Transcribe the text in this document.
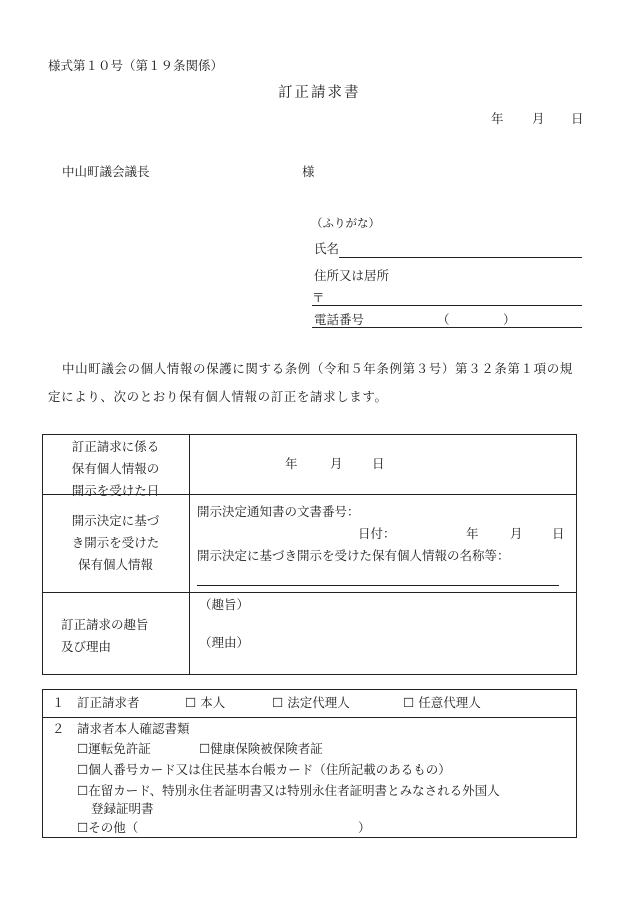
様式第１０号（第１９条関係）
訂正請求書
年 月 日
中山町議会議長	様
（ふりがな）
氏名
住所又は居所
〒
電話番号	（	）
中山町議会の個人情報の保護に関する条例（令和５年条例第３号）第３２条第１項の規
定により、次のとおり保有個人情報の訂正を請求します。
訂正請求に係る
保有個人情報の
開示を受けた日
年	月 日
開示決定に基づ
き開示を受けた
保有個人情報
開示決定通知書の文書番号：
日付：	年	月 日
開示決定に基づき開示を受けた保有個人情報の名称等：
訂正請求の趣旨
及び理由
（趣旨）
（理由）
１ 訂正請求者	☐ 本人	☐ 法定代理人	☐ 任意代理人
２ 請求者本人確認書類
☐運転免許証	☐健康保険被保険者証
☐個人番号カード又は住民基本台帳カード（住所記載のあるもの）
☐在留カード、特別永住者証明書又は特別永住者証明書とみなされる外国人
登録証明書
☐その他（	）
